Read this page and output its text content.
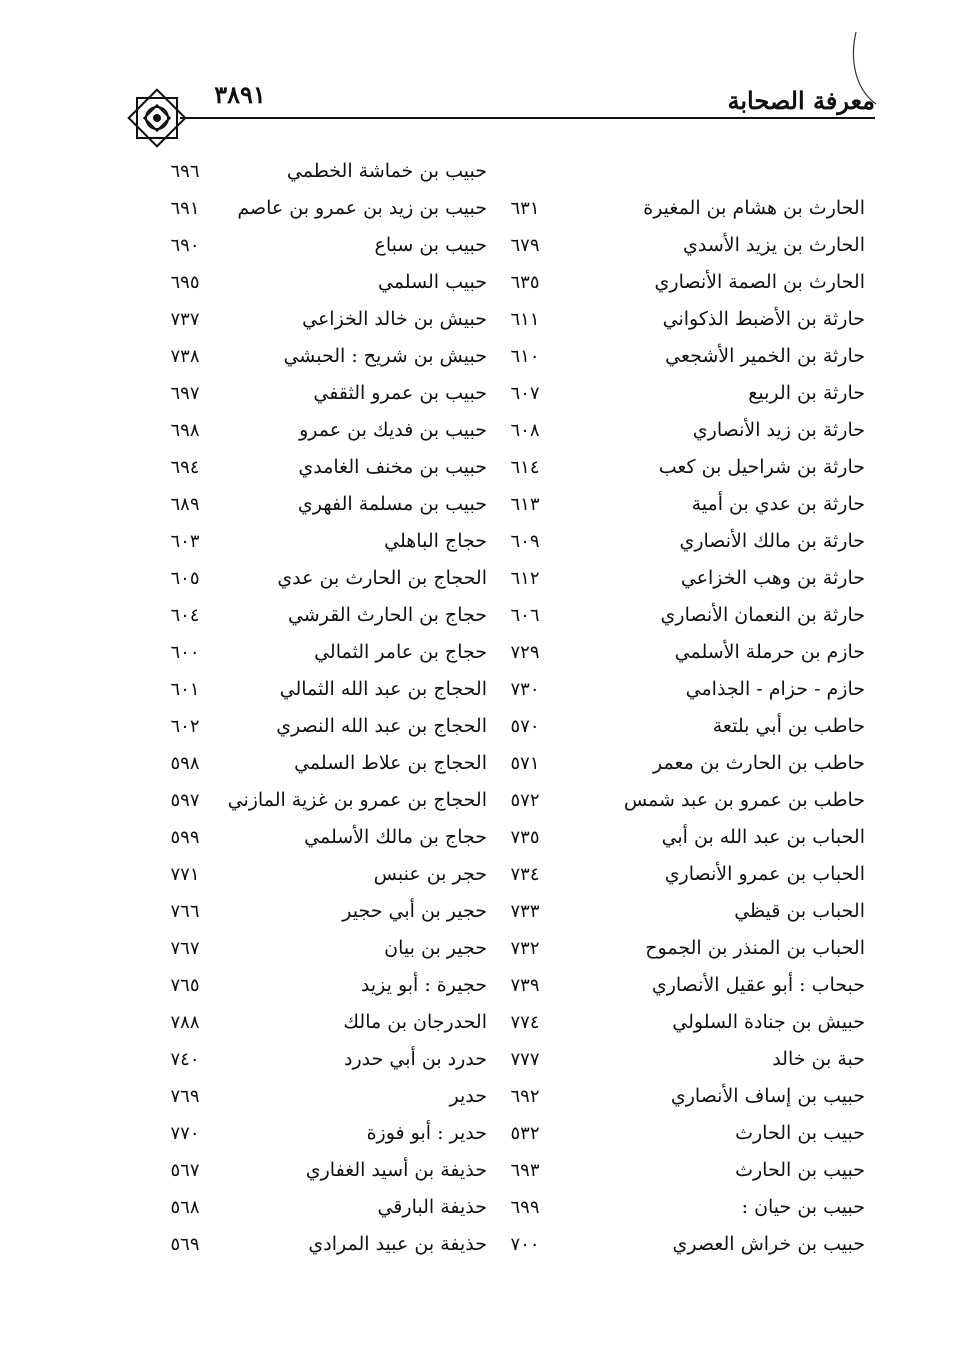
معرفة الصحابة
٣٨٩١
حبيب بن خماشة الخطمي
٦٩٦
الحارث بن هشام بن المغيرة
٦٣١
حبيب بن زيد بن عمرو بن عاصم
٦٩١
الحارث بن يزيد الأسدي
٦٧٩
حبيب بن سباع
٦٩٠
الحارث بن الصمة الأنصاري
٦٣٥
حبيب السلمي
٦٩٥
حارثة بن الأضبط الذكواني
٦١١
حبيش بن خالد الخزاعي
٧٣٧
حارثة بن الخمير الأشجعي
٦١٠
حبيش بن شريح : الحبشي
٧٣٨
حارثة بن الربيع
٦٠٧
حبيب بن عمرو الثقفي
٦٩٧
حارثة بن زيد الأنصاري
٦٠٨
حبيب بن فديك بن عمرو
٦٩٨
حارثة بن شراحيل بن كعب
٦١٤
حبيب بن مخنف الغامدي
٦٩٤
حارثة بن عدي بن أمية
٦١٣
حبيب بن مسلمة الفهري
٦٨٩
حارثة بن مالك الأنصاري
٦٠٩
حجاج الباهلي
٦٠٣
حارثة بن وهب الخزاعي
٦١٢
الحجاج بن الحارث بن عدي
٦٠٥
حارثة بن النعمان الأنصاري
٦٠٦
حجاج بن الحارث القرشي
٦٠٤
حازم بن حرملة الأسلمي
٧٢٩
حجاج بن عامر الثمالي
٦٠٠
حازم - حزام - الجذامي
٧٣٠
الحجاج بن عبد الله الثمالي
٦٠١
حاطب بن أبي بلتعة
٥٧٠
الحجاج بن عبد الله النصري
٦٠٢
حاطب بن الحارث بن معمر
٥٧١
الحجاج بن علاط السلمي
٥٩٨
حاطب بن عمرو بن عبد شمس
٥٧٢
الحجاج بن عمرو بن غزية المازني
٥٩٧
الحباب بن عبد الله بن أبي
٧٣٥
حجاج بن مالك الأسلمي
٥٩٩
الحباب بن عمرو الأنصاري
٧٣٤
حجر بن عنبس
٧٧١
الحباب بن قيظي
٧٣٣
حجير بن أبي حجير
٧٦٦
الحباب بن المنذر بن الجموح
٧٣٢
حجير بن بيان
٧٦٧
حبحاب : أبو عقيل الأنصاري
٧٣٩
حجيرة : أبو يزيد
٧٦٥
حبيش بن جنادة السلولي
٧٧٤
الحدرجان بن مالك
٧٨٨
حبة بن خالد
٧٧٧
حدرد بن أبي حدرد
٧٤٠
حبيب بن إساف الأنصاري
٦٩٢
حدير
٧٦٩
حبيب بن الحارث
٥٣٢
حدير : أبو فوزة
٧٧٠
حبيب بن الحارث
٦٩٣
حذيفة بن أسيد الغفاري
٥٦٧
حبيب بن حيان :
٦٩٩
حذيفة البارقي
٥٦٨
حبيب بن خراش العصري
٧٠٠
حذيفة بن عبيد المرادي
٥٦٩
